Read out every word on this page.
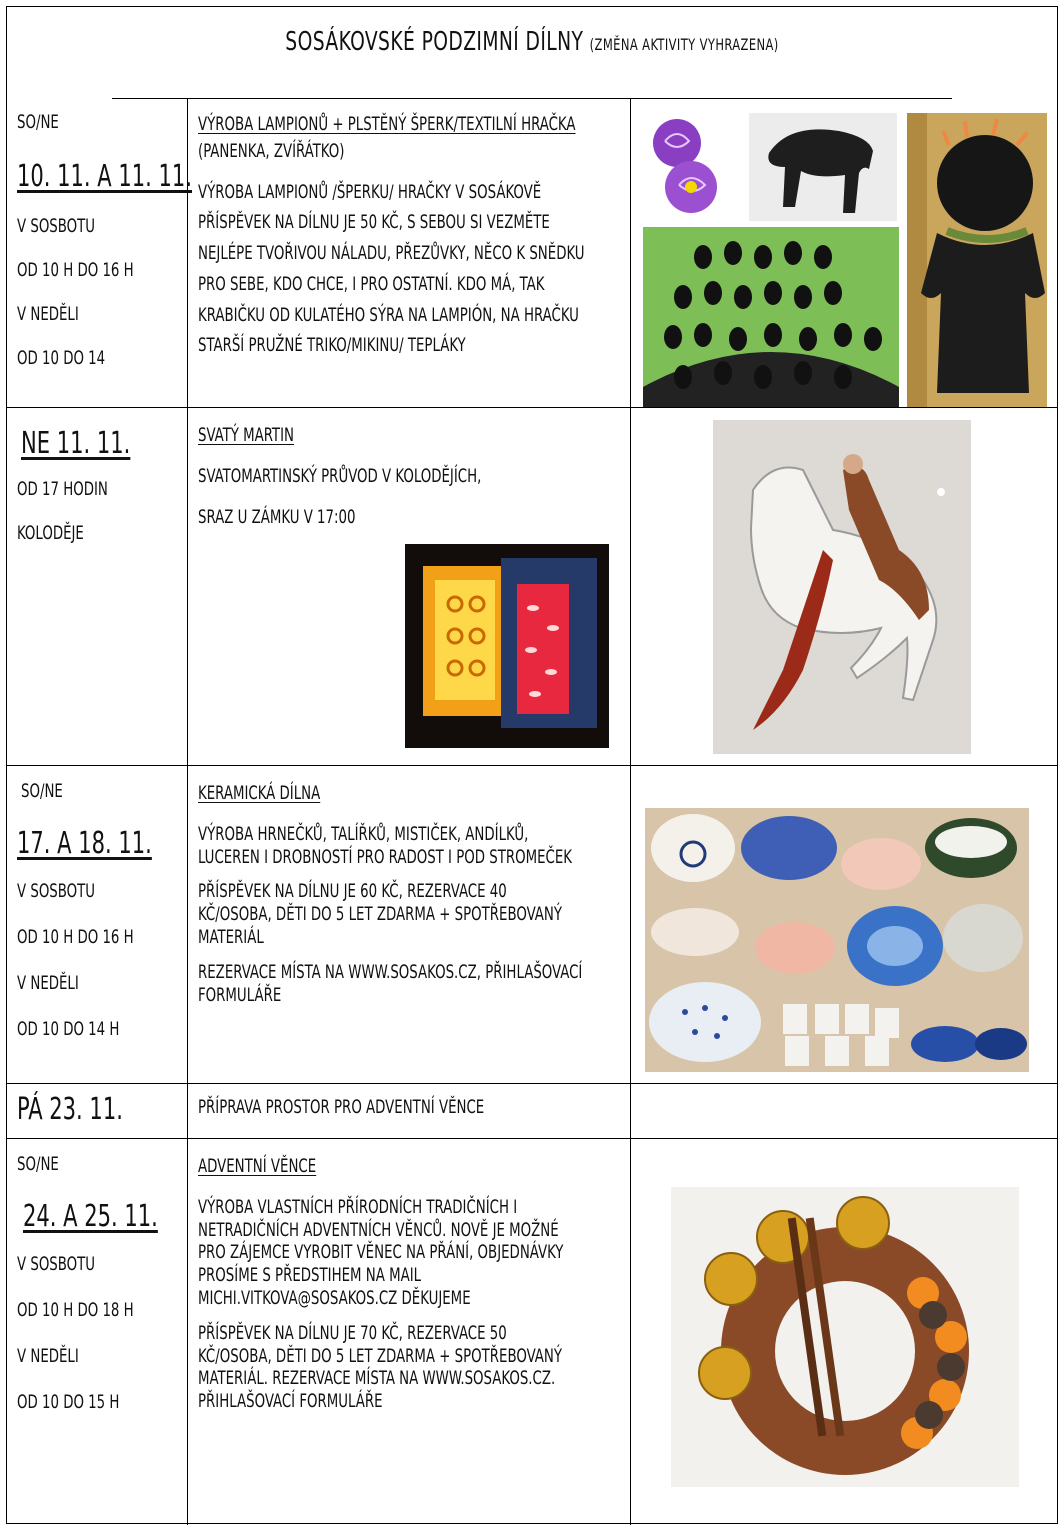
SOSÁKOVSKÉ PODZIMNÍ DÍLNY (ZMĚNA AKTIVITY VYHRAZENA)
SO/NE
10. 11. A 11. 11.
V SOSBOTU
OD 10 H DO 16 H
V NEDĚLI
OD 10 DO 14

VÝROBA LAMPIONŮ + PLSTĚNÝ ŠPERK/TEXTILNÍ HRAČKA

(PANENKA, ZVÍŘÁTKO)

VÝROBA LAMPIONŮ /ŠPERKU/ HRAČKY V SOSÁKOVĚ
PŘÍSPĚVEK NA DÍLNU JE 50 KČ, S SEBOU SI VEZMĚTE
NEJLÉPE TVOŘIVOU NÁLADU, PŘEZŮVKY, NĚCO K SNĚDKU
PRO SEBE, KDO CHCE, I PRO OSTATNÍ. KDO MÁ, TAK
KRABIČKU OD KULATÉHO SÝRA NA LAMPIÓN, NA HRAČKU
STARŠÍ PRUŽNÉ TRIKO/MIKINU/ TEPLÁKY
NE 11. 11.
OD 17 HODIN
KOLODĚJE

SVATÝ MARTIN

SVATOMARTINSKÝ PRŮVOD V KOLODĚJÍCH,

SRAZ U ZÁMKU V 17:00

SO/NE
17. A 18. 11.
V SOSBOTU
OD 10 H DO 16 H
V NEDĚLI
OD 10 DO 14 H

KERAMICKÁ DÍLNA

VÝROBA HRNEČKŮ, TALÍŘKŮ, MISTIČEK, ANDÍLKŮ,
LUCEREN I DROBNOSTÍ PRO RADOST I POD STROMEČEK
PŘÍSPĚVEK NA DÍLNU JE 60 KČ, REZERVACE 40
KČ/OSOBA, DĚTI DO 5 LET ZDARMA + SPOTŘEBOVANÝ
MATERIÁL
REZERVACE MÍSTA NA WWW.SOSAKOS.CZ, PŘIHLAŠOVACÍ
FORMULÁŘE
PÁ 23. 11.	PŘÍPRAVA PROSTOR PRO ADVENTNÍ VĚNCE
SO/NE
24. A 25. 11.
V SOSBOTU
OD 10 H DO 18 H
V NEDĚLI
OD 10 DO 15 H

ADVENTNÍ VĚNCE

VÝROBA VLASTNÍCH PŘÍRODNÍCH TRADIČNÍCH I
NETRADIČNÍCH ADVENTNÍCH VĚNCŮ. NOVĚ JE MOŽNÉ
PRO ZÁJEMCE VYROBIT VĚNEC NA PŘÁNÍ, OBJEDNÁVKY
PROSÍME S PŘEDSTIHEM NA MAIL
MICHI.VITKOVA@SOSAKOS.CZ DĚKUJEME
PŘÍSPĚVEK NA DÍLNU JE 70 KČ, REZERVACE 50
KČ/OSOBA, DĚTI DO 5 LET ZDARMA + SPOTŘEBOVANÝ
MATERIÁL. REZERVACE MÍSTA NA WWW.SOSAKOS.CZ.
PŘIHLAŠOVACÍ FORMULÁŘE
